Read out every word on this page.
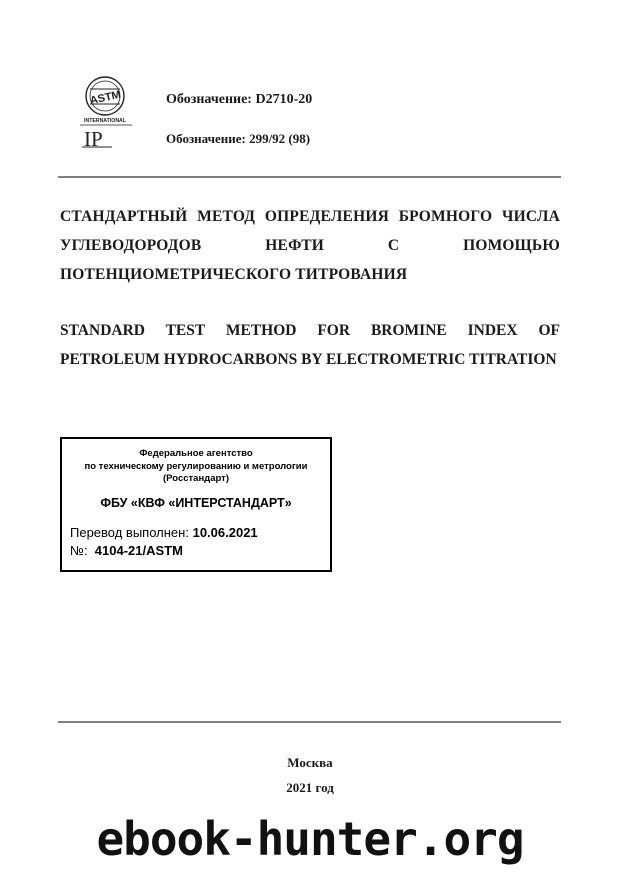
ASTM
INTERNATIONAL
I P
Обозначение: D2710-20
Обозначение: 299/92 (98)
СТАНДАРТНЫЙ МЕТОД ОПРЕДЕЛЕНИЯ БРОМНОГО ЧИСЛА УГЛЕВОДОРОДОВ НЕФТИ С ПОМОЩЬЮ ПОТЕНЦИОМЕТРИЧЕСКОГО ТИТРОВАНИЯ
STANDARD TEST METHOD FOR BROMINE INDEX OF PETROLEUM HYDROCARBONS BY ELECTROMETRIC TITRATION
Федеральное агентство
по техническому регулированию и метрологии
(Росстандарт)
ФБУ «КВФ «ИНТЕРСТАНДАРТ»
Перевод выполнен: 10.06.2021
№: 4104-21/ASTM
Москва
2021 год
ebook-hunter.org
